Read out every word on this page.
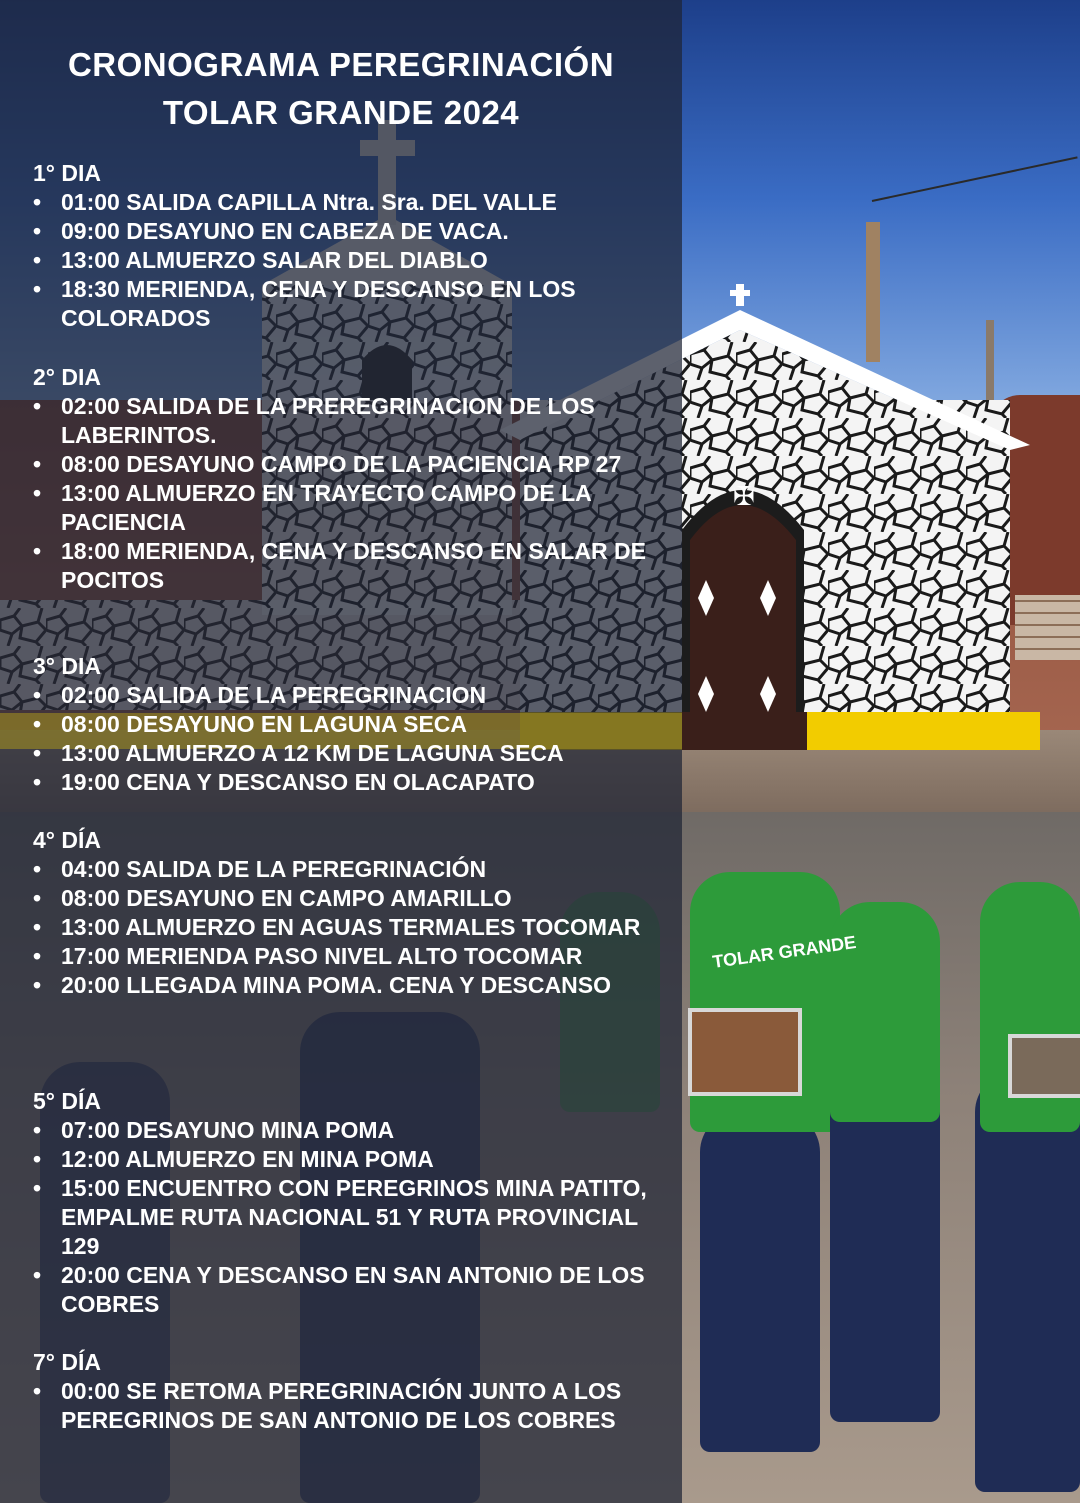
✠
TOLAR GRANDE
CRONOGRAMA PEREGRINACIÓN
TOLAR GRANDE 2024
1° DIA
• 01:00 SALIDA CAPILLA Ntra. Sra. DEL VALLE
• 09:00 DESAYUNO EN CABEZA DE VACA.
• 13:00 ALMUERZO SALAR DEL DIABLO
• 18:30 MERIENDA, CENA Y DESCANSO EN LOS COLORADOS
2° DIA
• 02:00 SALIDA DE LA PREREGRINACION DE LOS LABERINTOS.
• 08:00 DESAYUNO CAMPO DE LA PACIENCIA RP 27
• 13:00 ALMUERZO EN TRAYECTO CAMPO DE LA PACIENCIA
• 18:00 MERIENDA, CENA Y DESCANSO EN SALAR DE POCITOS
3° DIA
• 02:00 SALIDA DE LA PEREGRINACION
• 08:00 DESAYUNO EN LAGUNA SECA
• 13:00 ALMUERZO A 12 KM DE LAGUNA SECA
• 19:00 CENA Y DESCANSO EN OLACAPATO
4° DÍA
• 04:00 SALIDA DE LA PEREGRINACIÓN
• 08:00 DESAYUNO EN CAMPO AMARILLO
• 13:00 ALMUERZO EN AGUAS TERMALES TOCOMAR
• 17:00 MERIENDA PASO NIVEL ALTO TOCOMAR
• 20:00 LLEGADA MINA POMA. CENA Y DESCANSO
5° DÍA
• 07:00 DESAYUNO MINA POMA
• 12:00 ALMUERZO EN MINA POMA
• 15:00 ENCUENTRO CON PEREGRINOS MINA PATITO, EMPALME RUTA NACIONAL 51 Y RUTA PROVINCIAL 129
• 20:00 CENA Y DESCANSO EN SAN ANTONIO DE LOS COBRES
7° DÍA
• 00:00 SE RETOMA PEREGRINACIÓN JUNTO A LOS PEREGRINOS DE SAN ANTONIO DE LOS COBRES
